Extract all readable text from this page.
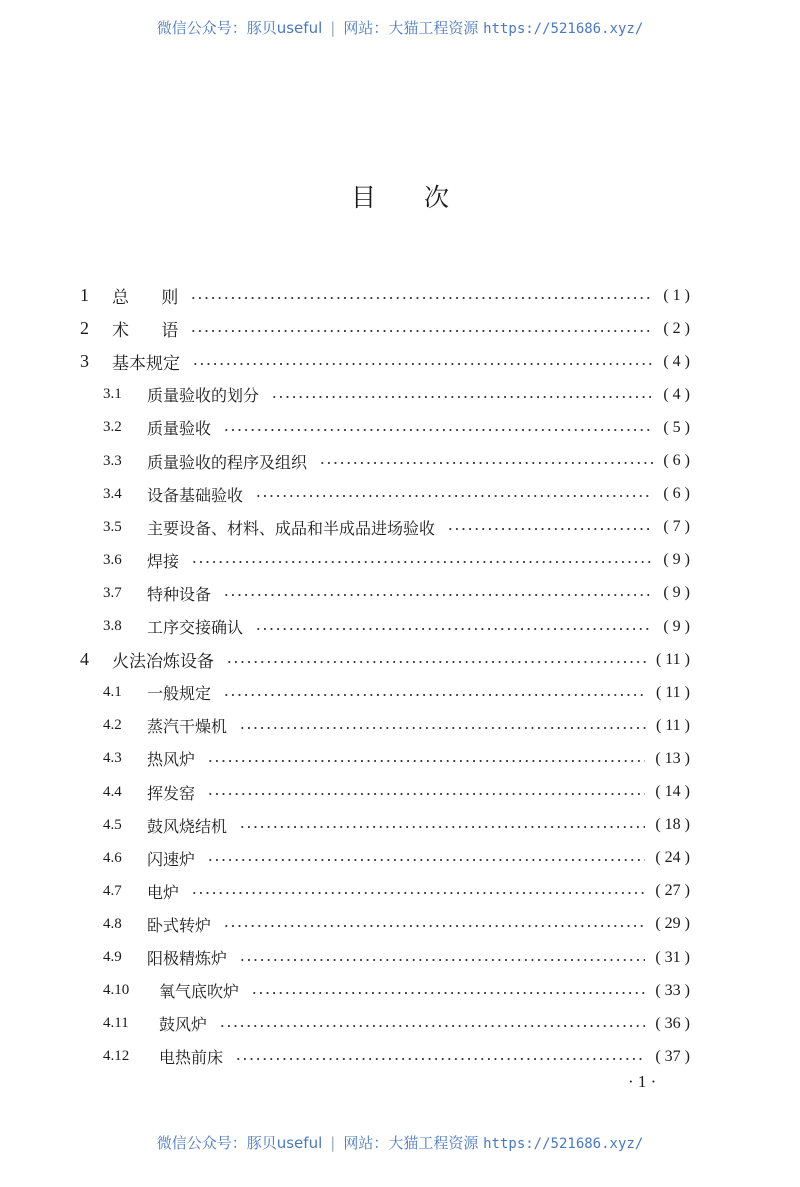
微信公众号：豚贝useful | 网站：大猫工程资源 https://521686.xyz/
目次
1	总      则	( 1 )
2	术      语	( 2 )
3	基本规定	( 4 )
3.1	质量验收的划分	( 4 )
3.2	质量验收	( 5 )
3.3	质量验收的程序及组织	( 6 )
3.4	设备基础验收	( 6 )
3.5	主要设备、材料、成品和半成品进场验收	( 7 )
3.6	焊接	( 9 )
3.7	特种设备	( 9 )
3.8	工序交接确认	( 9 )
4	火法冶炼设备	( 11 )
4.1	一般规定	( 11 )
4.2	蒸汽干燥机	( 11 )
4.3	热风炉	( 13 )
4.4	挥发窑	( 14 )
4.5	鼓风烧结机	( 18 )
4.6	闪速炉	( 24 )
4.7	电炉	( 27 )
4.8	卧式转炉	( 29 )
4.9	阳极精炼炉	( 31 )
4.10	氧气底吹炉	( 33 )
4.11	鼓风炉	( 36 )
4.12	电热前床	( 37 )
· 1 ·
微信公众号：豚贝useful | 网站：大猫工程资源 https://521686.xyz/
